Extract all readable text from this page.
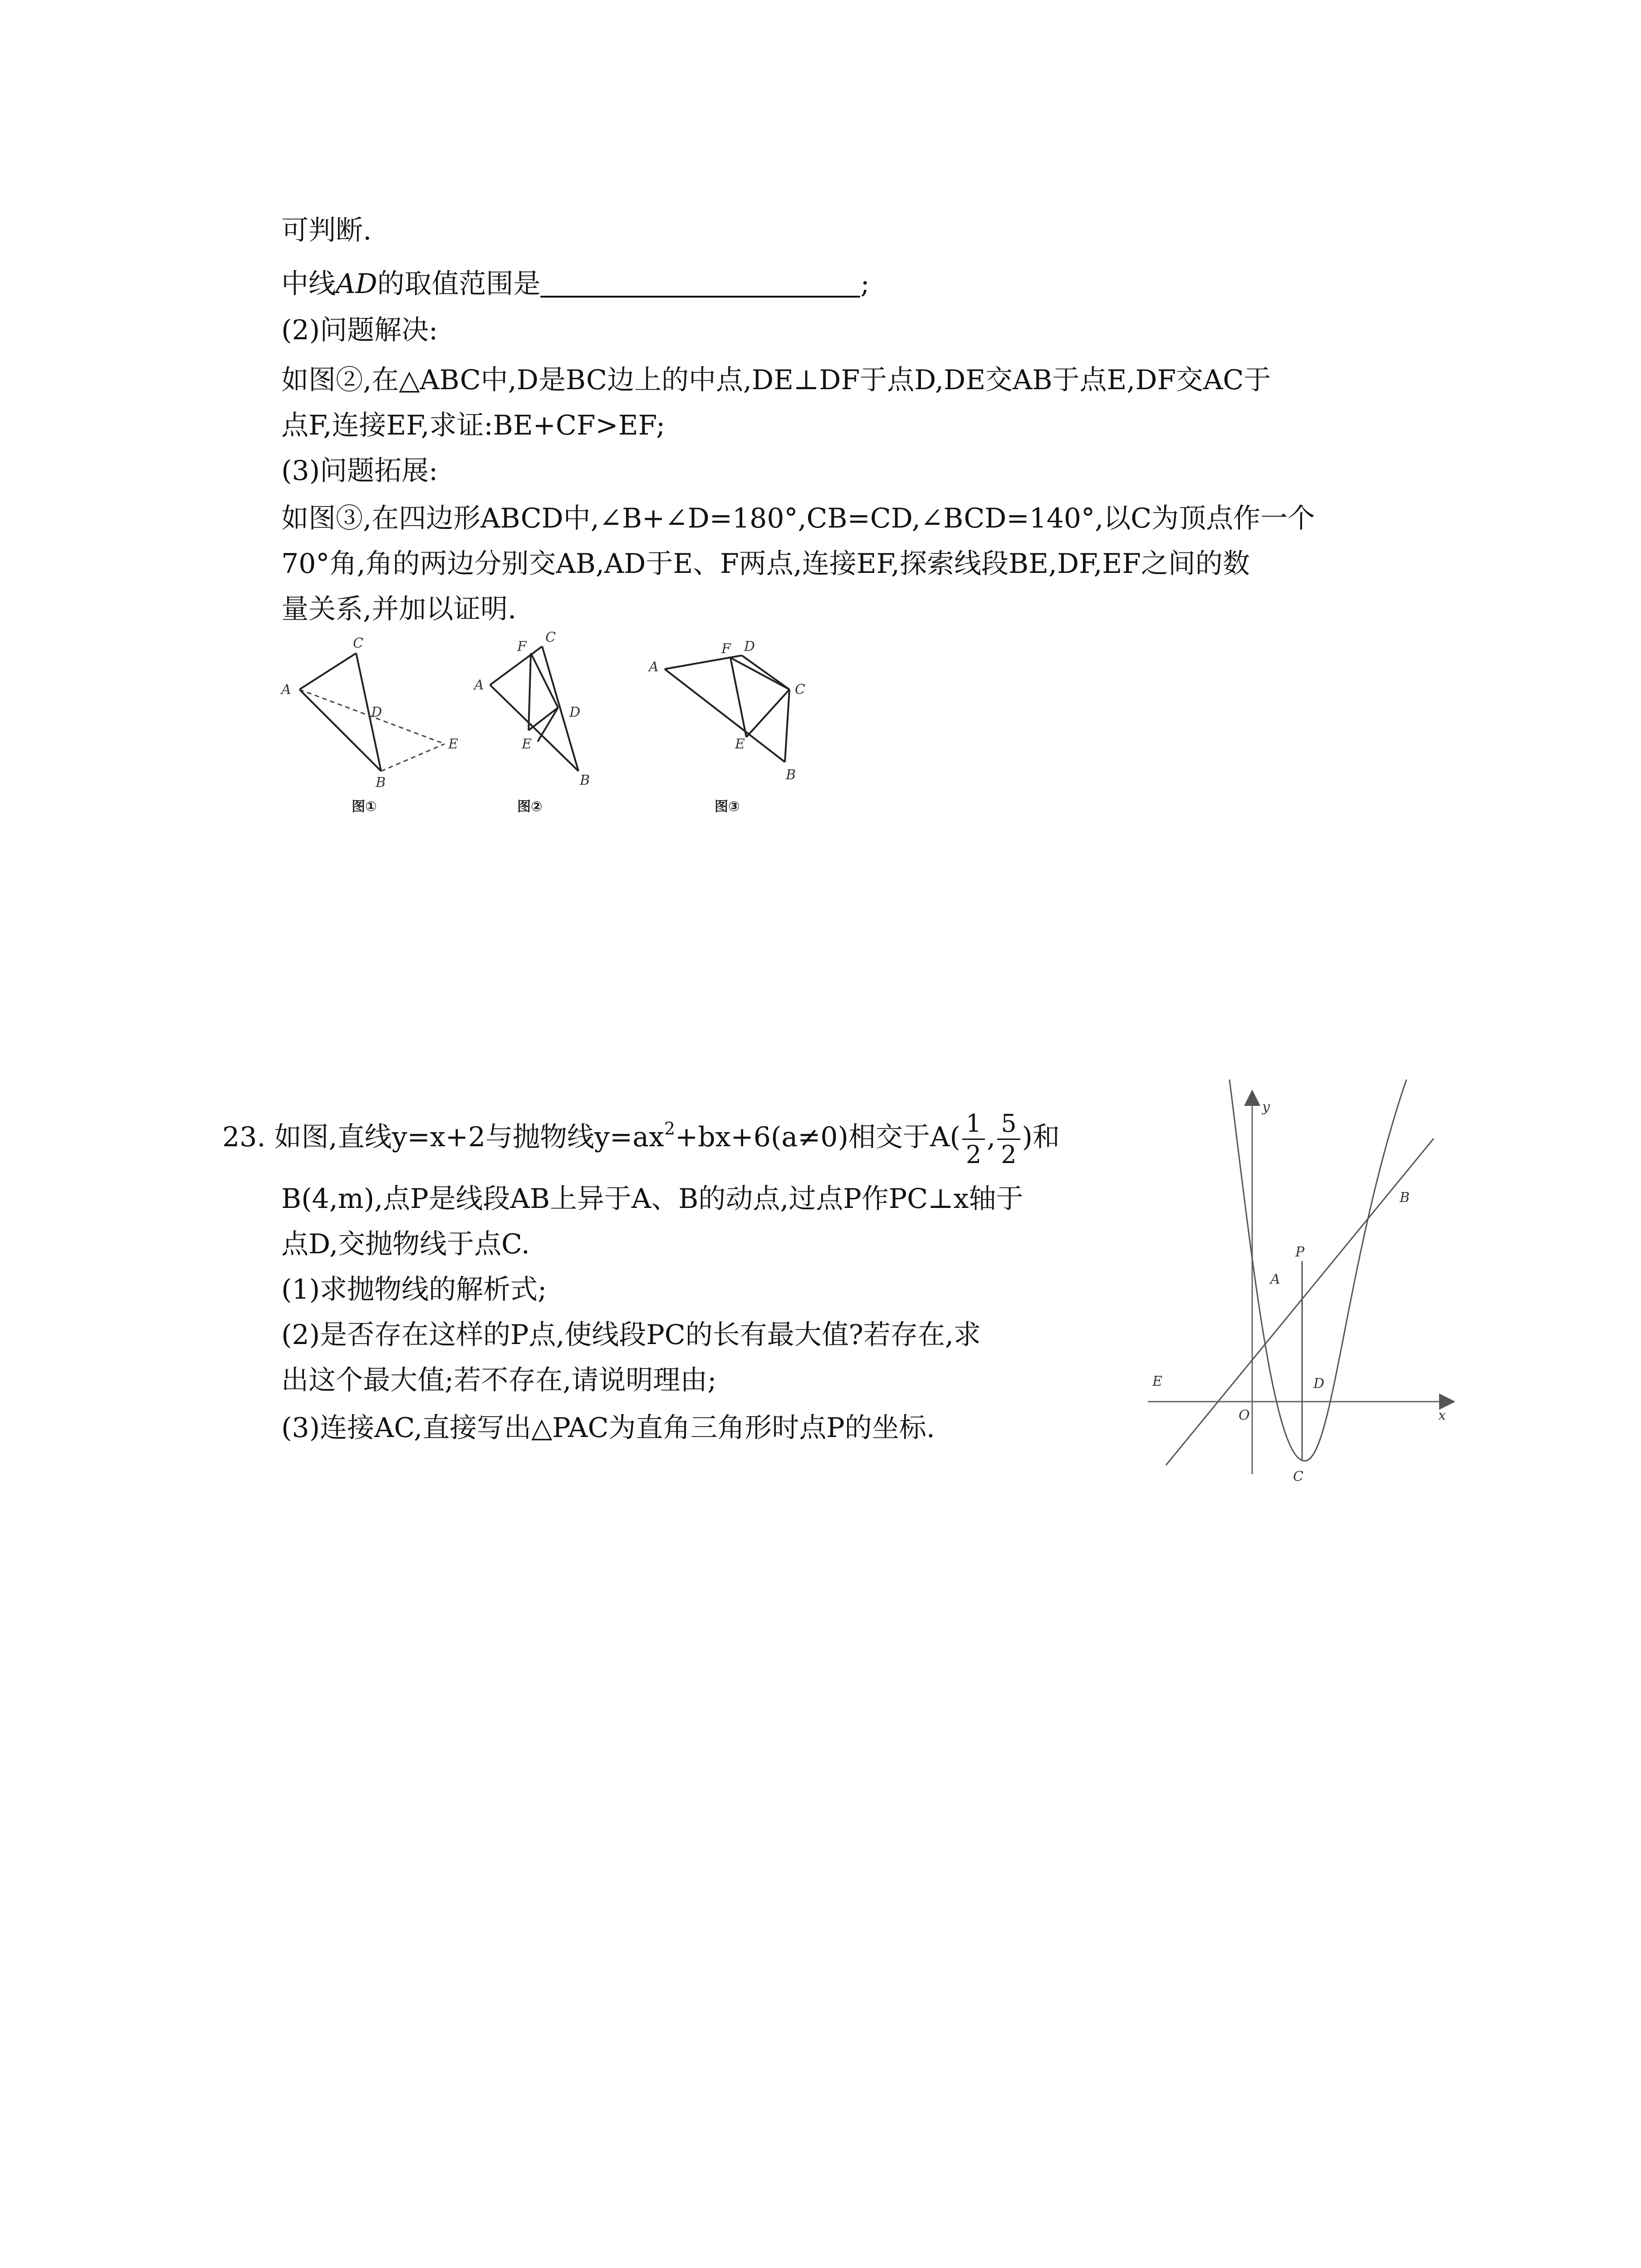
可判断.
中线AD的取值范围是	;
(2)问题解决:
如图②,在△ABC中,D是BC边上的中点,DE⊥DF于点D,DE交AB于点E,DF交AC于
点F,连接EF,求证:BE+CF>EF;
(3)问题拓展:
如图③,在四边形ABCD中,∠B+∠D=180°,CB=CD,∠BCD=140°,以C为顶点作一个
70°角,角的两边分别交AB,AD于E、F两点,连接EF,探索线段BE,DF,EF之间的数
量关系,并加以证明.
C
A
D
E
B
图①
C
F
A
D
E
B
图②
A
F D
C
E
B
图③
23. 如图,直线y=x+2与抛物线$y=ax^2+bx+6(a\ne 0)$相交于$A( \frac{1}{2}$ , $\frac{5}{2}$ )和
B(4,m),点P是线段AB上异于A、B的动点,过点P作PC⊥x轴于
点D,交抛物线于点C.
(1)求抛物线的解析式;
(2)是否存在这样的P点,使线段PC的长有最大值?若存在,求
出这个最大值;若不存在,请说明理由;
(3)连接AC,直接写出△PAC为直角三角形时点P的坐标.
y
x
O
A
P
B
D
E
C
